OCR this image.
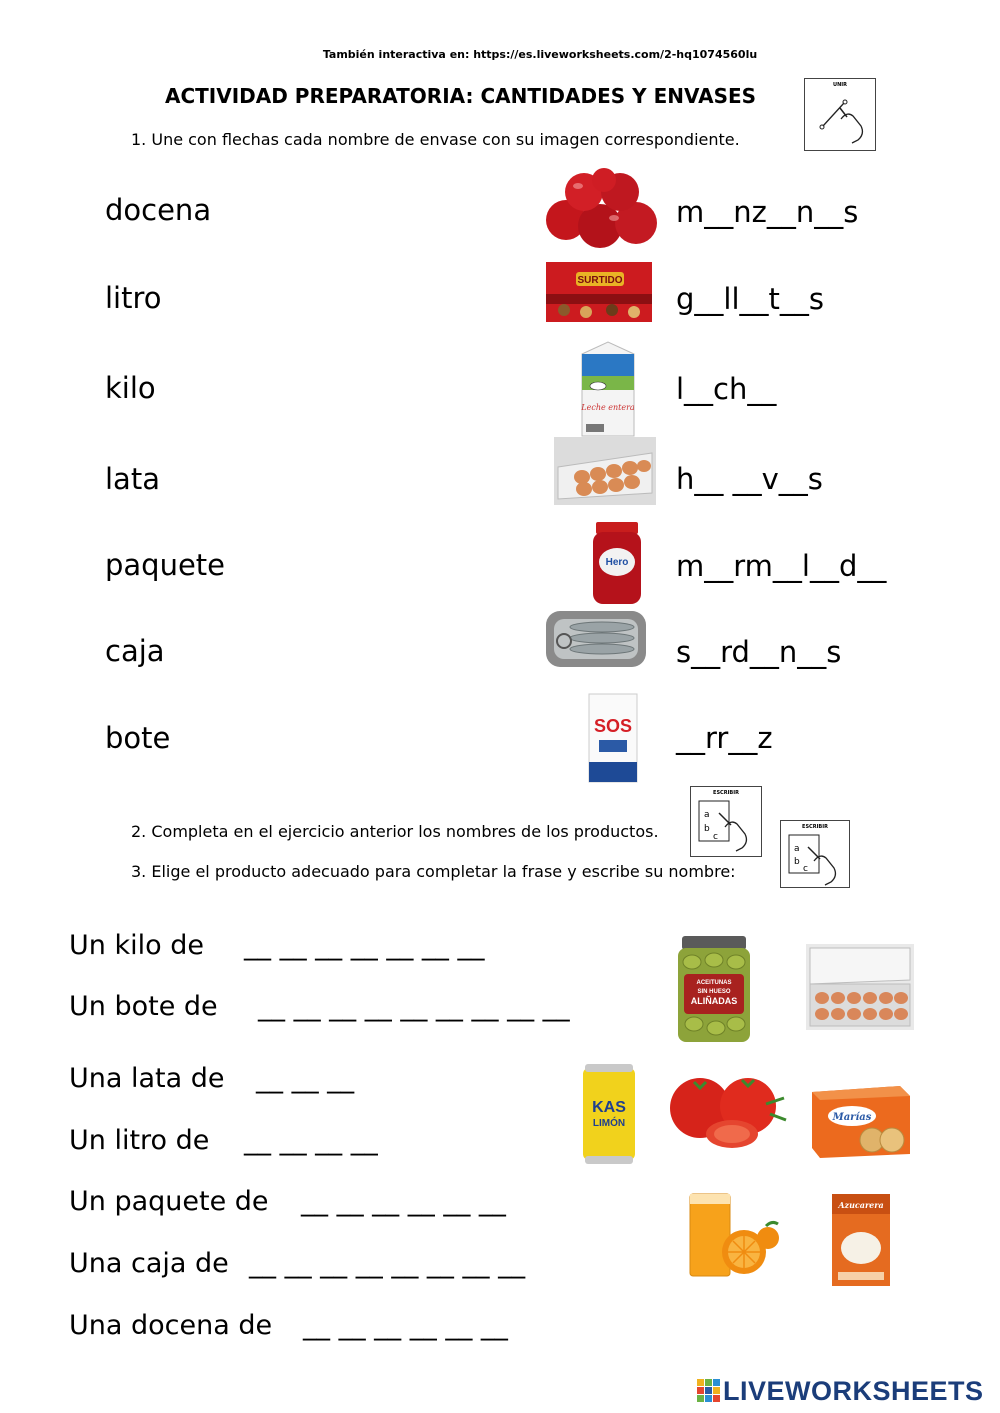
También interactiva en: https://es.liveworksheets.com/2-hq1074560lu
ACTIVIDAD PREPARATORIA: CANTIDADES Y ENVASES
1. Une con flechas cada nombre de envase con su imagen correspondiente.
UNIR
docena
litro
kilo
lata
paquete
caja
bote
m__nz__n__s
g__ll__t__s
l__ch__
h__ __v__s
m__rm__l__d__
s__rd__n__s
__rr__z
SURTIDO
Leche entera
Hero
SOS
2. Completa en el ejercicio anterior los nombres de los productos.
3. Elige el producto adecuado para completar la frase y escribe su nombre:
ESCRIBIR
a
b
c
ESCRIBIR
a
b
c
Un kilo de __ __ __ __ __ __ __
Un bote de __ __ __ __ __ __ __ __ __
Una lata de __ __ __
Un litro de __ __ __ __
Un paquete de __ __ __ __ __ __
Una caja de __ __ __ __ __ __ __ __
Una docena de __ __ __ __ __ __
ACEITUNAS
SIN HUESO
ALIÑADAS
KAS
LIMÓN
Marías
Azucarera
LIVEWORKSHEETS
